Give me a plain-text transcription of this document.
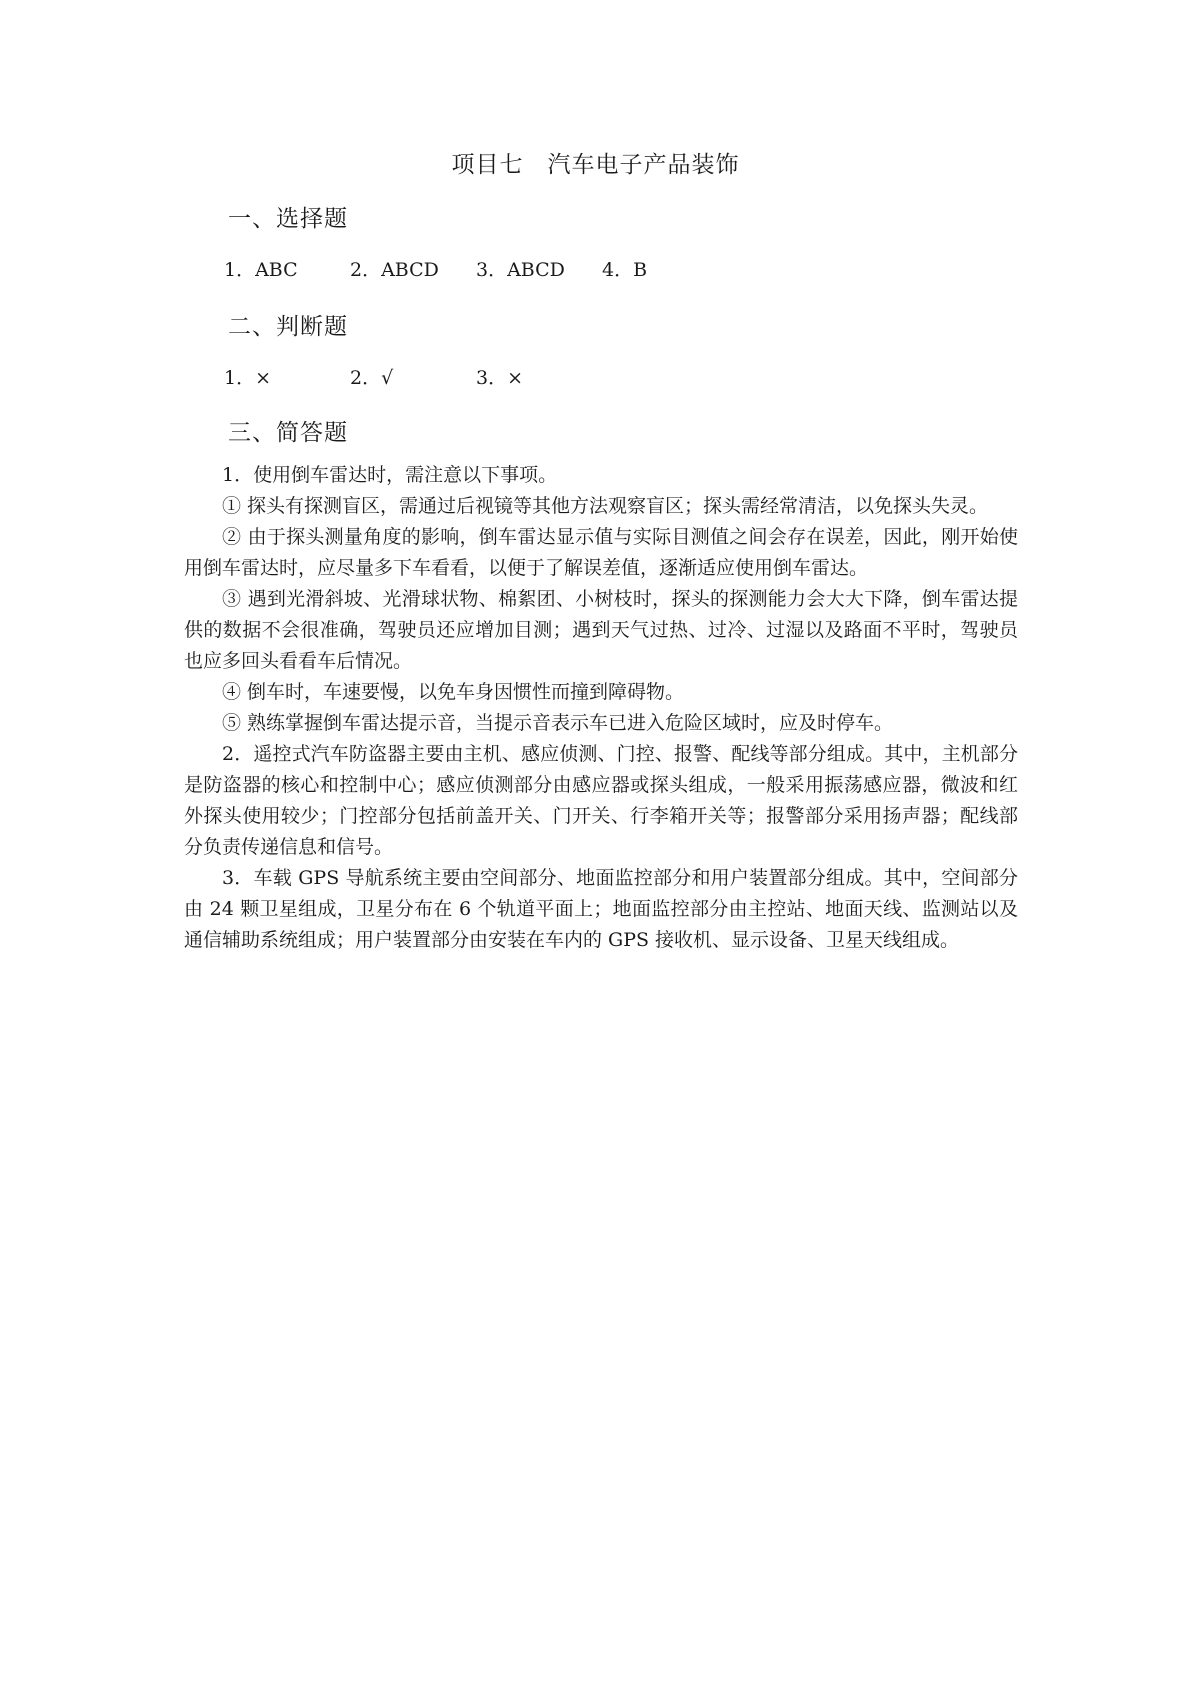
项目七　汽车电子产品装饰
一、选择题
1．ABC	2．ABCD 3．ABCD 4．B
二、判断题
1．×	2．√	3．×
三、简答题

1．使用倒车雷达时，需注意以下事项。

① 探头有探测盲区，需通过后视镜等其他方法观察盲区；探头需经常清洁，以免探头失灵。

② 由于探头测量角度的影响，倒车雷达显示值与实际目测值之间会存在误差，因此，刚开始使用倒车雷达时，应尽量多下车看看，以便于了解误差值，逐渐适应使用倒车雷达。

③ 遇到光滑斜坡、光滑球状物、棉絮团、小树枝时，探头的探测能力会大大下降，倒车雷达提供的数据不会很准确，驾驶员还应增加目测；遇到天气过热、过冷、过湿以及路面不平时，驾驶员也应多回头看看车后情况。

④ 倒车时，车速要慢，以免车身因惯性而撞到障碍物。

⑤ 熟练掌握倒车雷达提示音，当提示音表示车已进入危险区域时，应及时停车。

2．遥控式汽车防盗器主要由主机、感应侦测、门控、报警、配线等部分组成。其中，主机部分是防盗器的核心和控制中心；感应侦测部分由感应器或探头组成，一般采用振荡感应器，微波和红外探头使用较少；门控部分包括前盖开关、门开关、行李箱开关等；报警部分采用扬声器；配线部分负责传递信息和信号。

3．车载 GPS 导航系统主要由空间部分、地面监控部分和用户装置部分组成。其中，空间部分由 24 颗卫星组成，卫星分布在 6 个轨道平面上；地面监控部分由主控站、地面天线、监测站以及通信辅助系统组成；用户装置部分由安装在车内的 GPS 接收机、显示设备、卫星天线组成。
